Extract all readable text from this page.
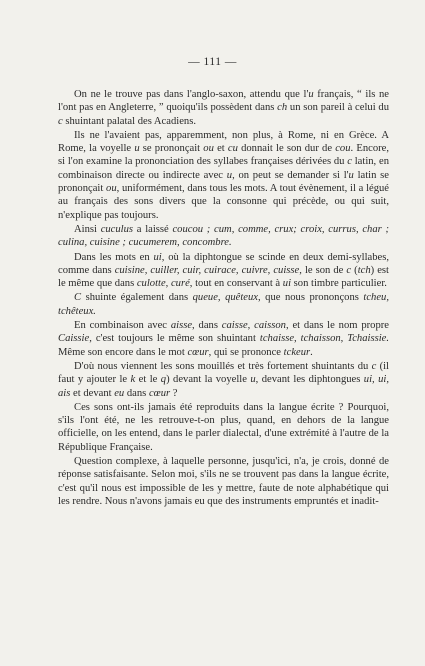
— 111 —

On ne le trouve pas dans l'anglo-saxon, attendu que l'u français, “ ils ne l'ont pas en Angleterre, ” quoiqu'ils possèdent dans ch un son pareil à celui du c shuintant palatal des Acadiens.

Ils ne l'avaient pas, apparemment, non plus, à Rome, ni en Grèce. A Rome, la voyelle u se prononçait ou et cu donnait le son dur de cou. Encore, si l'on examine la prononciation des syllabes françaises dérivées du c latin, en combinaison directe ou indirecte avec u, on peut se demander si l'u latin se prononçait ou, uniformément, dans tous les mots. A tout évènement, il a légué au français des sons divers que la consonne qui précède, ou qui suit, n'explique pas toujours.

Ainsi cuculus a laissé coucou ; cum, comme, crux; croix, currus, char ; culina, cuisine ; cucumerem, concombre.

Dans les mots en ui, où la diphtongue se scinde en deux demi-syllabes, comme dans cuisine, cuiller, cuir, cuirace, cuivre, cuisse, le son de c (tch) est le même que dans culotte, curé, tout en conservant à ui son timbre particulier.

C shuinte également dans queue, quêteux, que nous prononçons tcheu, tchêteux.

En combinaison avec aisse, dans caisse, caisson, et dans le nom propre Caissie, c'est toujours le même son shuintant tchaisse, tchaisson, Tchaissie. Même son encore dans le mot cœur, qui se prononce tckeur.

D'où nous viennent les sons mouillés et très fortement shuintants du c (il faut y ajouter le k et le q) devant la voyelle u, devant les diphtongues ui, ui, ais et devant eu dans cœur ?

Ces sons ont-ils jamais été reproduits dans la langue écrite ? Pourquoi, s'ils l'ont été, ne les retrouve-t-on plus, quand, en dehors de la langue officielle, on les entend, dans le parler dialectal, d'une extrémité à l'autre de la République Française.

Question complexe, à laquelle personne, jusqu'ici, n'a, je crois, donné de réponse satisfaisante. Selon moi, s'ils ne se trouvent pas dans la langue écrite, c'est qu'il nous est impossible de les y mettre, faute de note alphabétique qui les rendre. Nous n'avons jamais eu que des instruments empruntés et inadit-
